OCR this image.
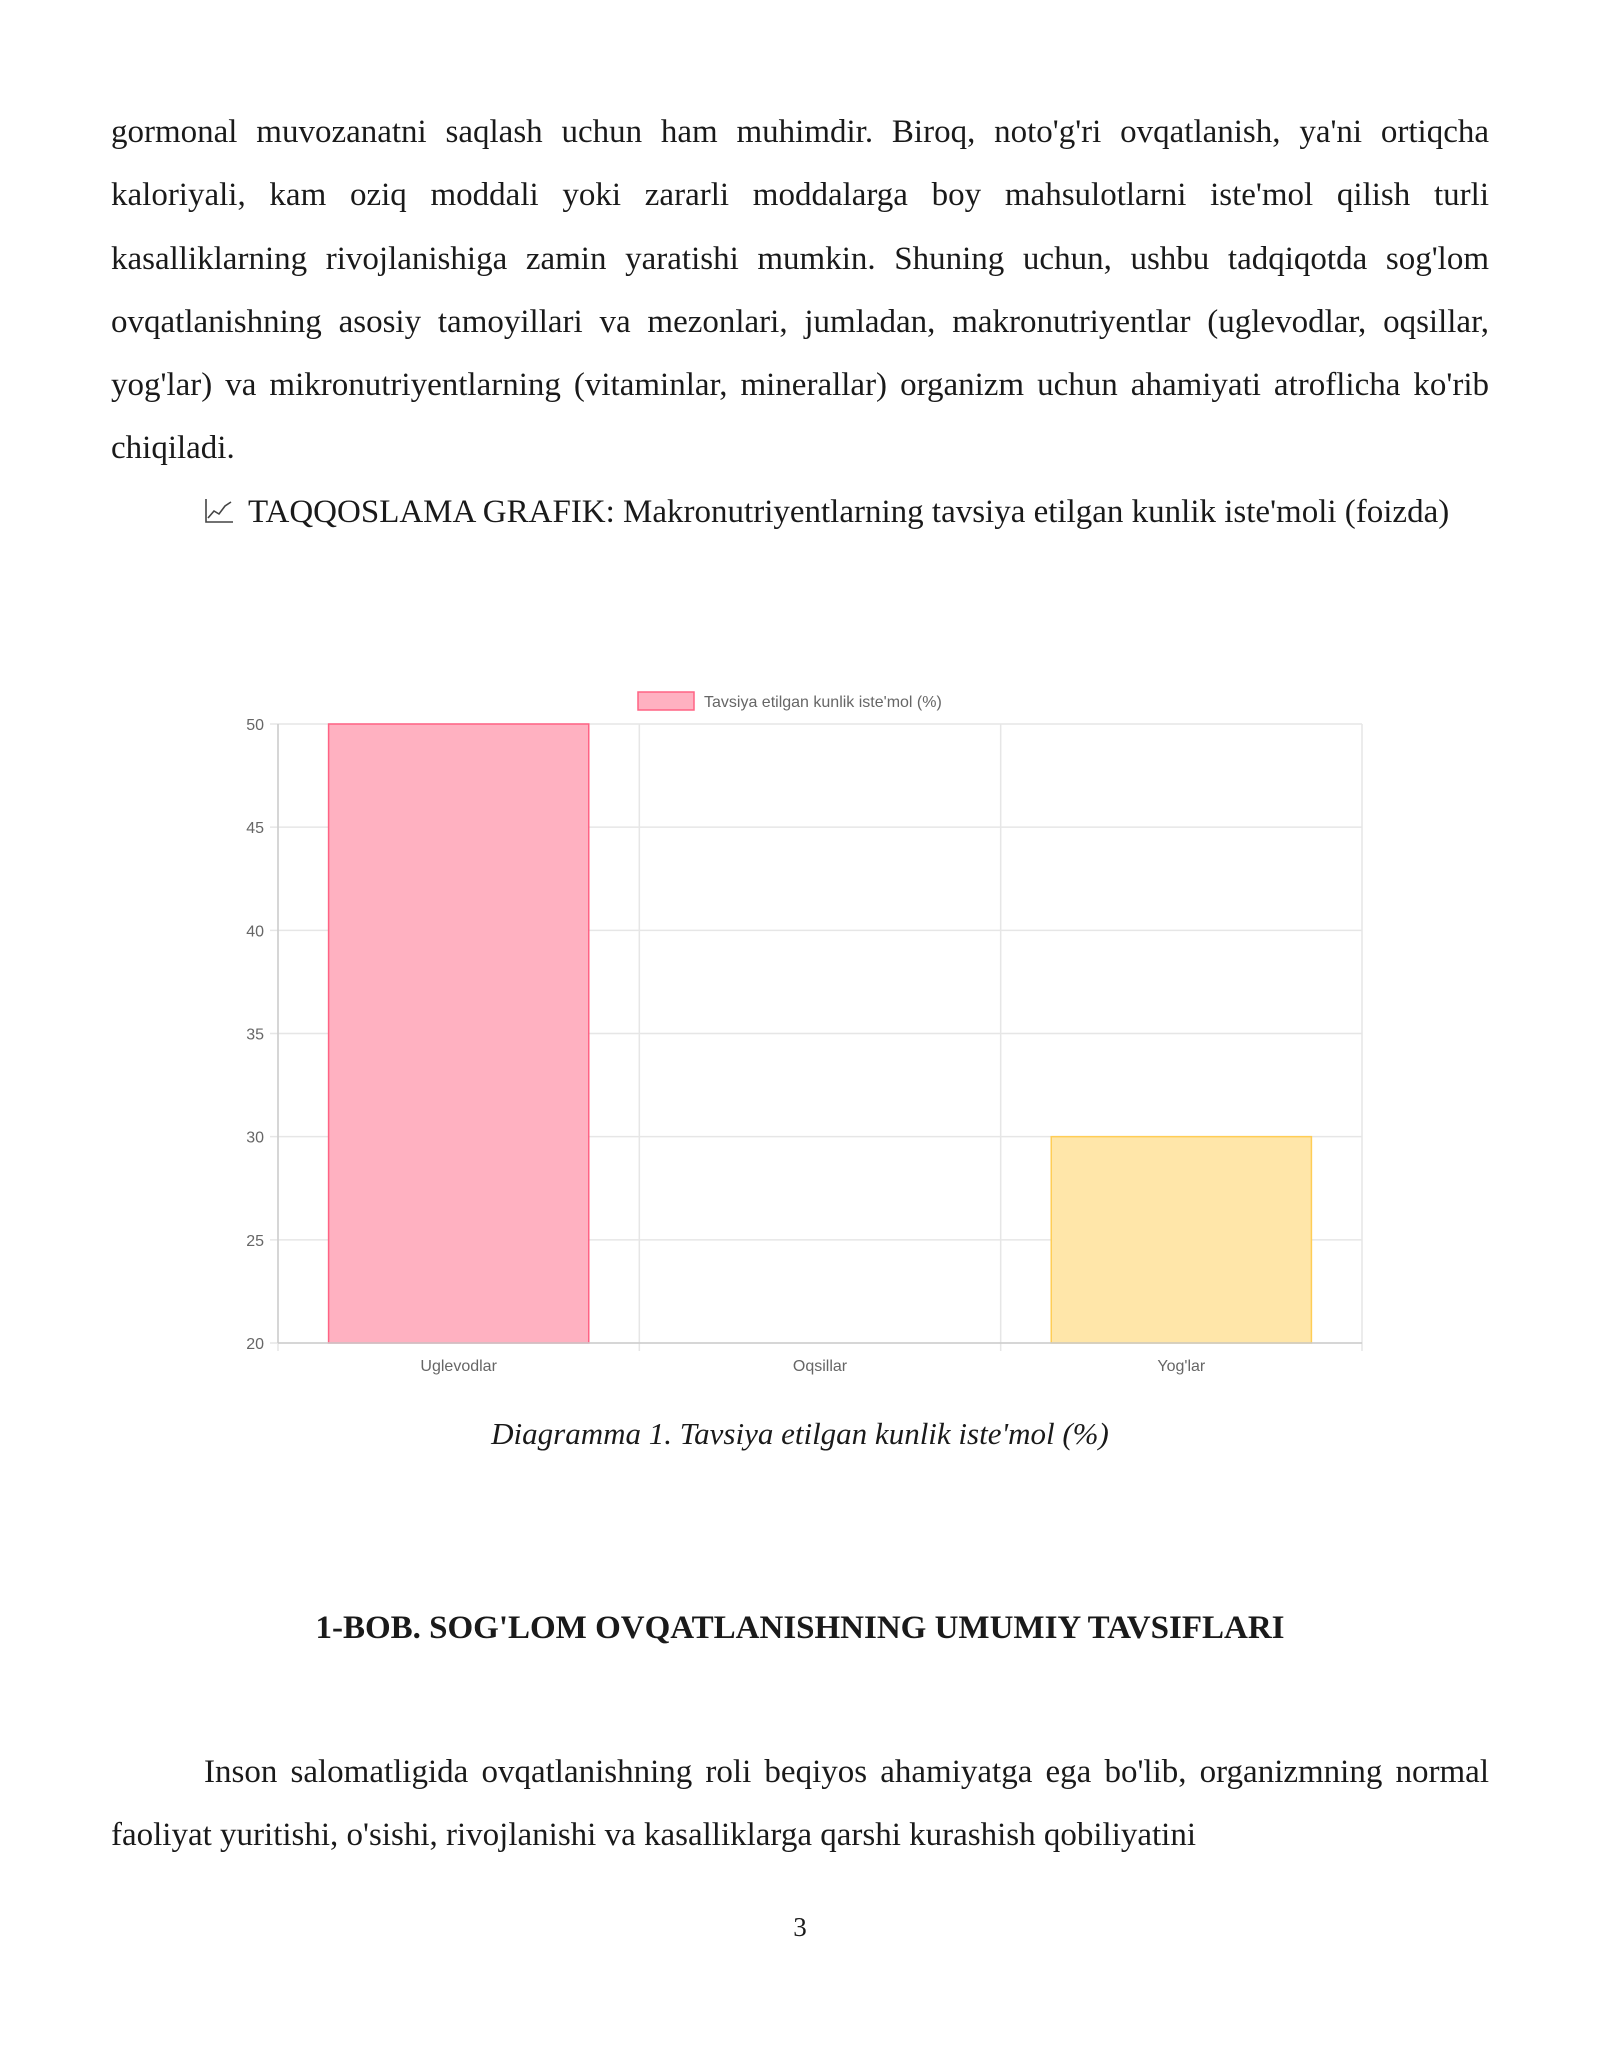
gormonal muvozanatni saqlash uchun ham muhimdir. Biroq, noto'g'ri ovqatlanish, ya'ni ortiqcha kaloriyali, kam oziq moddali yoki zararli moddalarga boy mahsulotlarni iste'mol qilish turli kasalliklarning rivojlanishiga zamin yaratishi mumkin. Shuning uchun, ushbu tadqiqotda sog'lom ovqatlanishning asosiy tamoyillari va mezonlari, jumladan, makronutriyentlar (uglevodlar, oqsillar, yog'lar) va mikronutriyentlarning (vitaminlar, minerallar) organizm uchun ahamiyati atroflicha ko'rib chiqiladi.

TAQQOSLAMA GRAFIK: Makronutriyentlarning tavsiya etilgan kunlik iste'moli (foizda)

20
25
30
35
40
45
50
Uglevodlar	Oqsillar	Yog'lar
Tavsiya etilgan kunlik iste'mol (%)

Diagramma 1. Tavsiya etilgan kunlik iste'mol (%)

1-BOB. SOG'LOM OVQATLANISHNING UMUMIY TAVSIFLARI

Inson salomatligida ovqatlanishning roli beqiyos ahamiyatga ega bo'lib, organizmning normal faoliyat yuritishi, o'sishi, rivojlanishi va kasalliklarga qarshi kurashish qobiliyatini

3
